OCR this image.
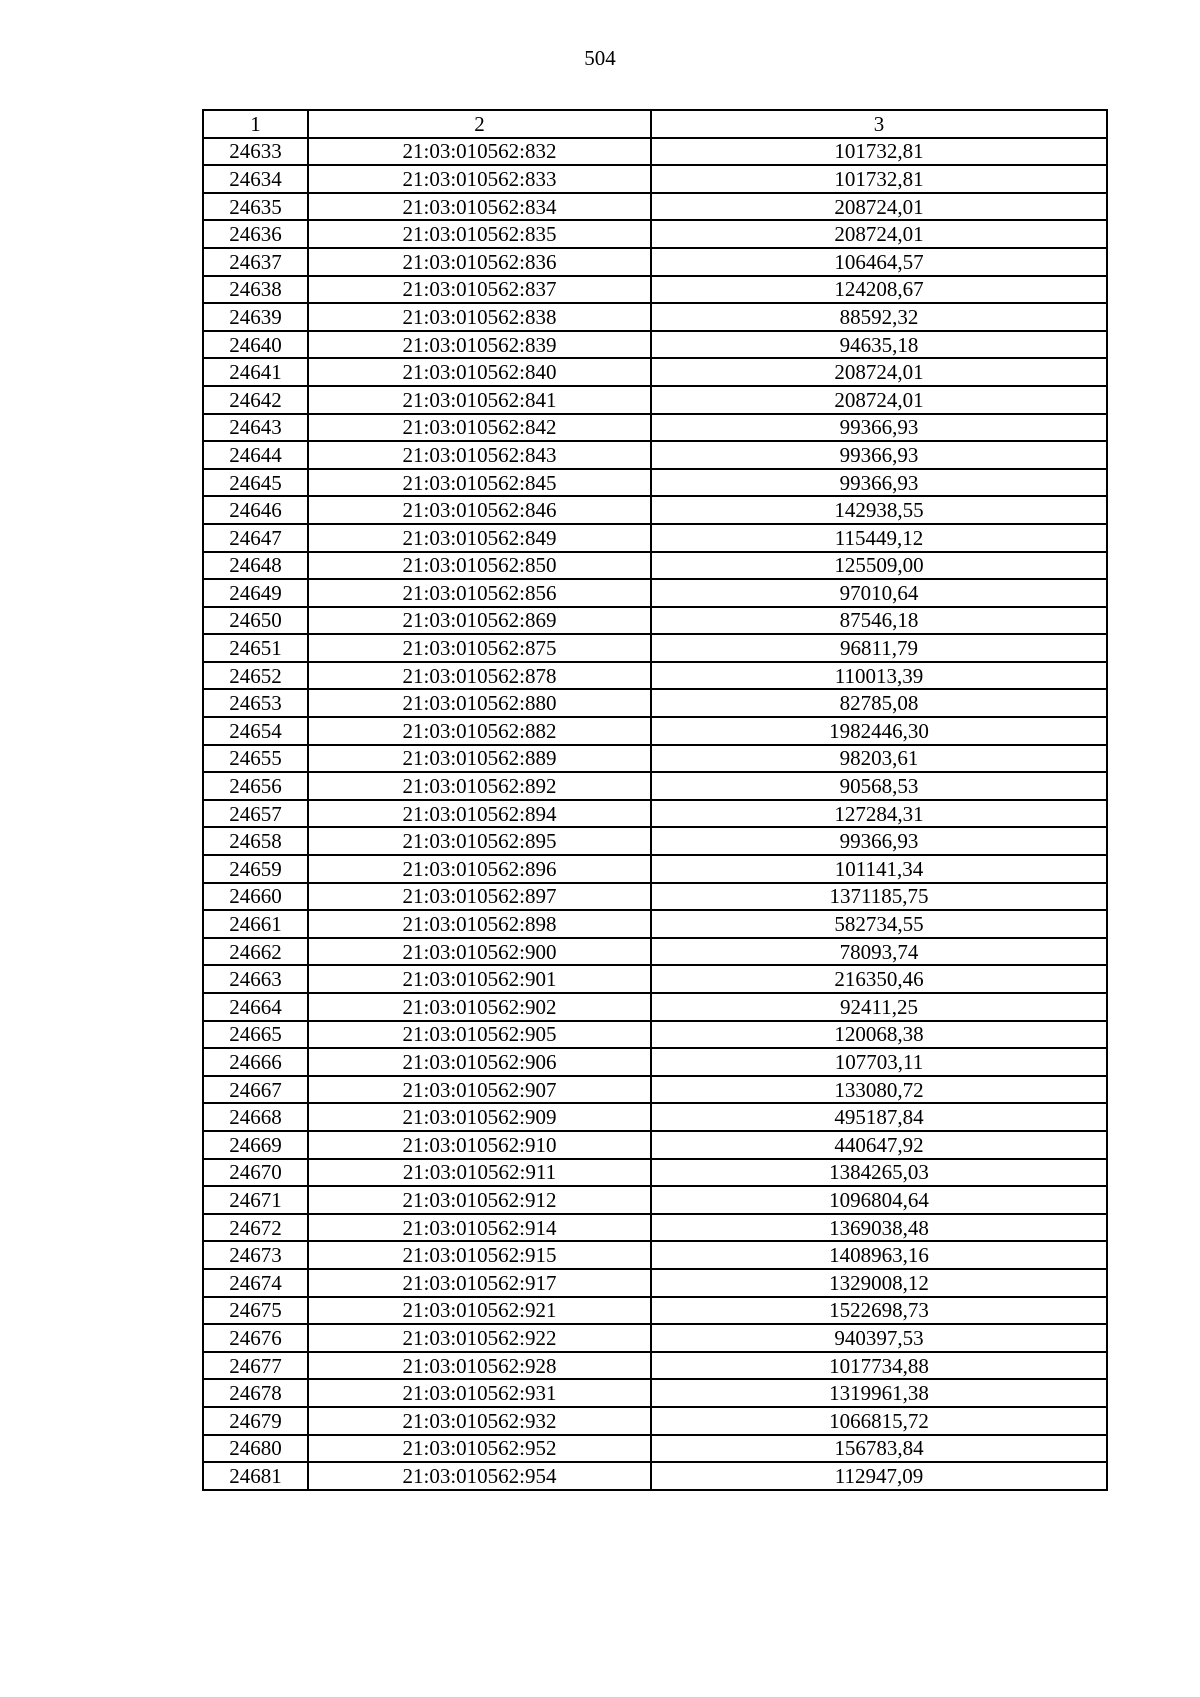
504
1	2	3
24633	21:03:010562:832	101732,81
24634	21:03:010562:833	101732,81
24635	21:03:010562:834	208724,01
24636	21:03:010562:835	208724,01
24637	21:03:010562:836	106464,57
24638	21:03:010562:837	124208,67
24639	21:03:010562:838	88592,32
24640	21:03:010562:839	94635,18
24641	21:03:010562:840	208724,01
24642	21:03:010562:841	208724,01
24643	21:03:010562:842	99366,93
24644	21:03:010562:843	99366,93
24645	21:03:010562:845	99366,93
24646	21:03:010562:846	142938,55
24647	21:03:010562:849	115449,12
24648	21:03:010562:850	125509,00
24649	21:03:010562:856	97010,64
24650	21:03:010562:869	87546,18
24651	21:03:010562:875	96811,79
24652	21:03:010562:878	110013,39
24653	21:03:010562:880	82785,08
24654	21:03:010562:882	1982446,30
24655	21:03:010562:889	98203,61
24656	21:03:010562:892	90568,53
24657	21:03:010562:894	127284,31
24658	21:03:010562:895	99366,93
24659	21:03:010562:896	101141,34
24660	21:03:010562:897	1371185,75
24661	21:03:010562:898	582734,55
24662	21:03:010562:900	78093,74
24663	21:03:010562:901	216350,46
24664	21:03:010562:902	92411,25
24665	21:03:010562:905	120068,38
24666	21:03:010562:906	107703,11
24667	21:03:010562:907	133080,72
24668	21:03:010562:909	495187,84
24669	21:03:010562:910	440647,92
24670	21:03:010562:911	1384265,03
24671	21:03:010562:912	1096804,64
24672	21:03:010562:914	1369038,48
24673	21:03:010562:915	1408963,16
24674	21:03:010562:917	1329008,12
24675	21:03:010562:921	1522698,73
24676	21:03:010562:922	940397,53
24677	21:03:010562:928	1017734,88
24678	21:03:010562:931	1319961,38
24679	21:03:010562:932	1066815,72
24680	21:03:010562:952	156783,84
24681	21:03:010562:954	112947,09
